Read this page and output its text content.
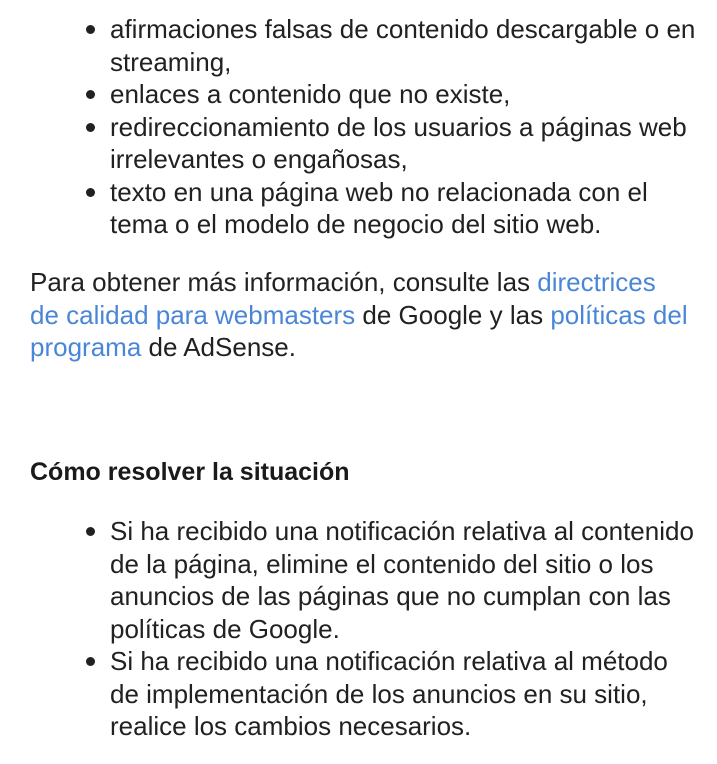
afirmaciones falsas de contenido descargable o en streaming,
enlaces a contenido que no existe,
redireccionamiento de los usuarios a páginas web irrelevantes o engañosas,
texto en una página web no relacionada con el tema o el modelo de negocio del sitio web.

Para obtener más información, consulte las directrices de calidad para webmasters de Google y las políticas del programa de AdSense.

Cómo resolver la situación
Si ha recibido una notificación relativa al contenido de la página, elimine el contenido del sitio o los anuncios de las páginas que no cumplan con las políticas de Google.
Si ha recibido una notificación relativa al método de implementación de los anuncios en su sitio, realice los cambios necesarios.
